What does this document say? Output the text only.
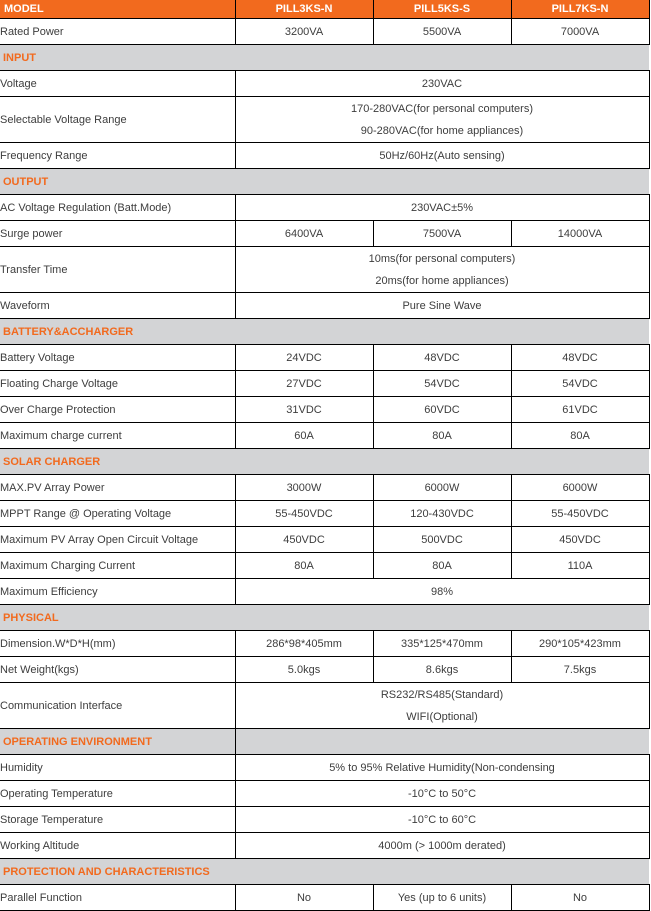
MODEL	PILL3KS-N	PILL5KS-S	PILL7KS-N
Rated Power	3200VA	5500VA	7000VA
INPUT			
Voltage	230VAC		

Selectable Voltage Range	170-280VAC(for personal computers)
90-280VAC(for home appliances)		

Frequency Range	50Hz/60Hz(Auto sensing)		

OUTPUT			
AC Voltage Regulation (Batt.Mode)	230VAC±5%		

Surge power	6400VA	7500VA	14000VA
Transfer Time	10ms(for personal computers)
20ms(for home appliances)		

Waveform	Pure Sine Wave		

BATTERY&ACCHARGER			
Battery Voltage	24VDC	48VDC	48VDC
Floating Charge Voltage	27VDC	54VDC	54VDC
Over Charge Protection	31VDC	60VDC	61VDC
Maximum charge current	60A	80A	80A
SOLAR CHARGER			
MAX.PV Array Power	3000W	6000W	6000W
MPPT Range @ Operating Voltage	55-450VDC	120-430VDC	55-450VDC
Maximum PV Array Open Circuit Voltage	450VDC	500VDC	450VDC
Maximum Charging Current	80A	80A	110A
Maximum Efficiency	98%		

PHYSICAL			
Dimension.W*D*H(mm)	286*98*405mm	335*125*470mm	290*105*423mm
Net Weight(kgs)	5.0kgs	8.6kgs	7.5kgs
Communication Interface	RS232/RS485(Standard)
WIFI(Optional)		

OPERATING ENVIRONMENT			
Humidity	5% to 95% Relative Humidity(Non-condensing		

Operating Temperature	-10°C to 50°C		

Storage Temperature	-10°C to 60°C		

Working Altitude	4000m (> 1000m derated)		

PROTECTION AND CHARACTERISTICS			
Parallel Function	No	Yes (up to 6 units)	No
